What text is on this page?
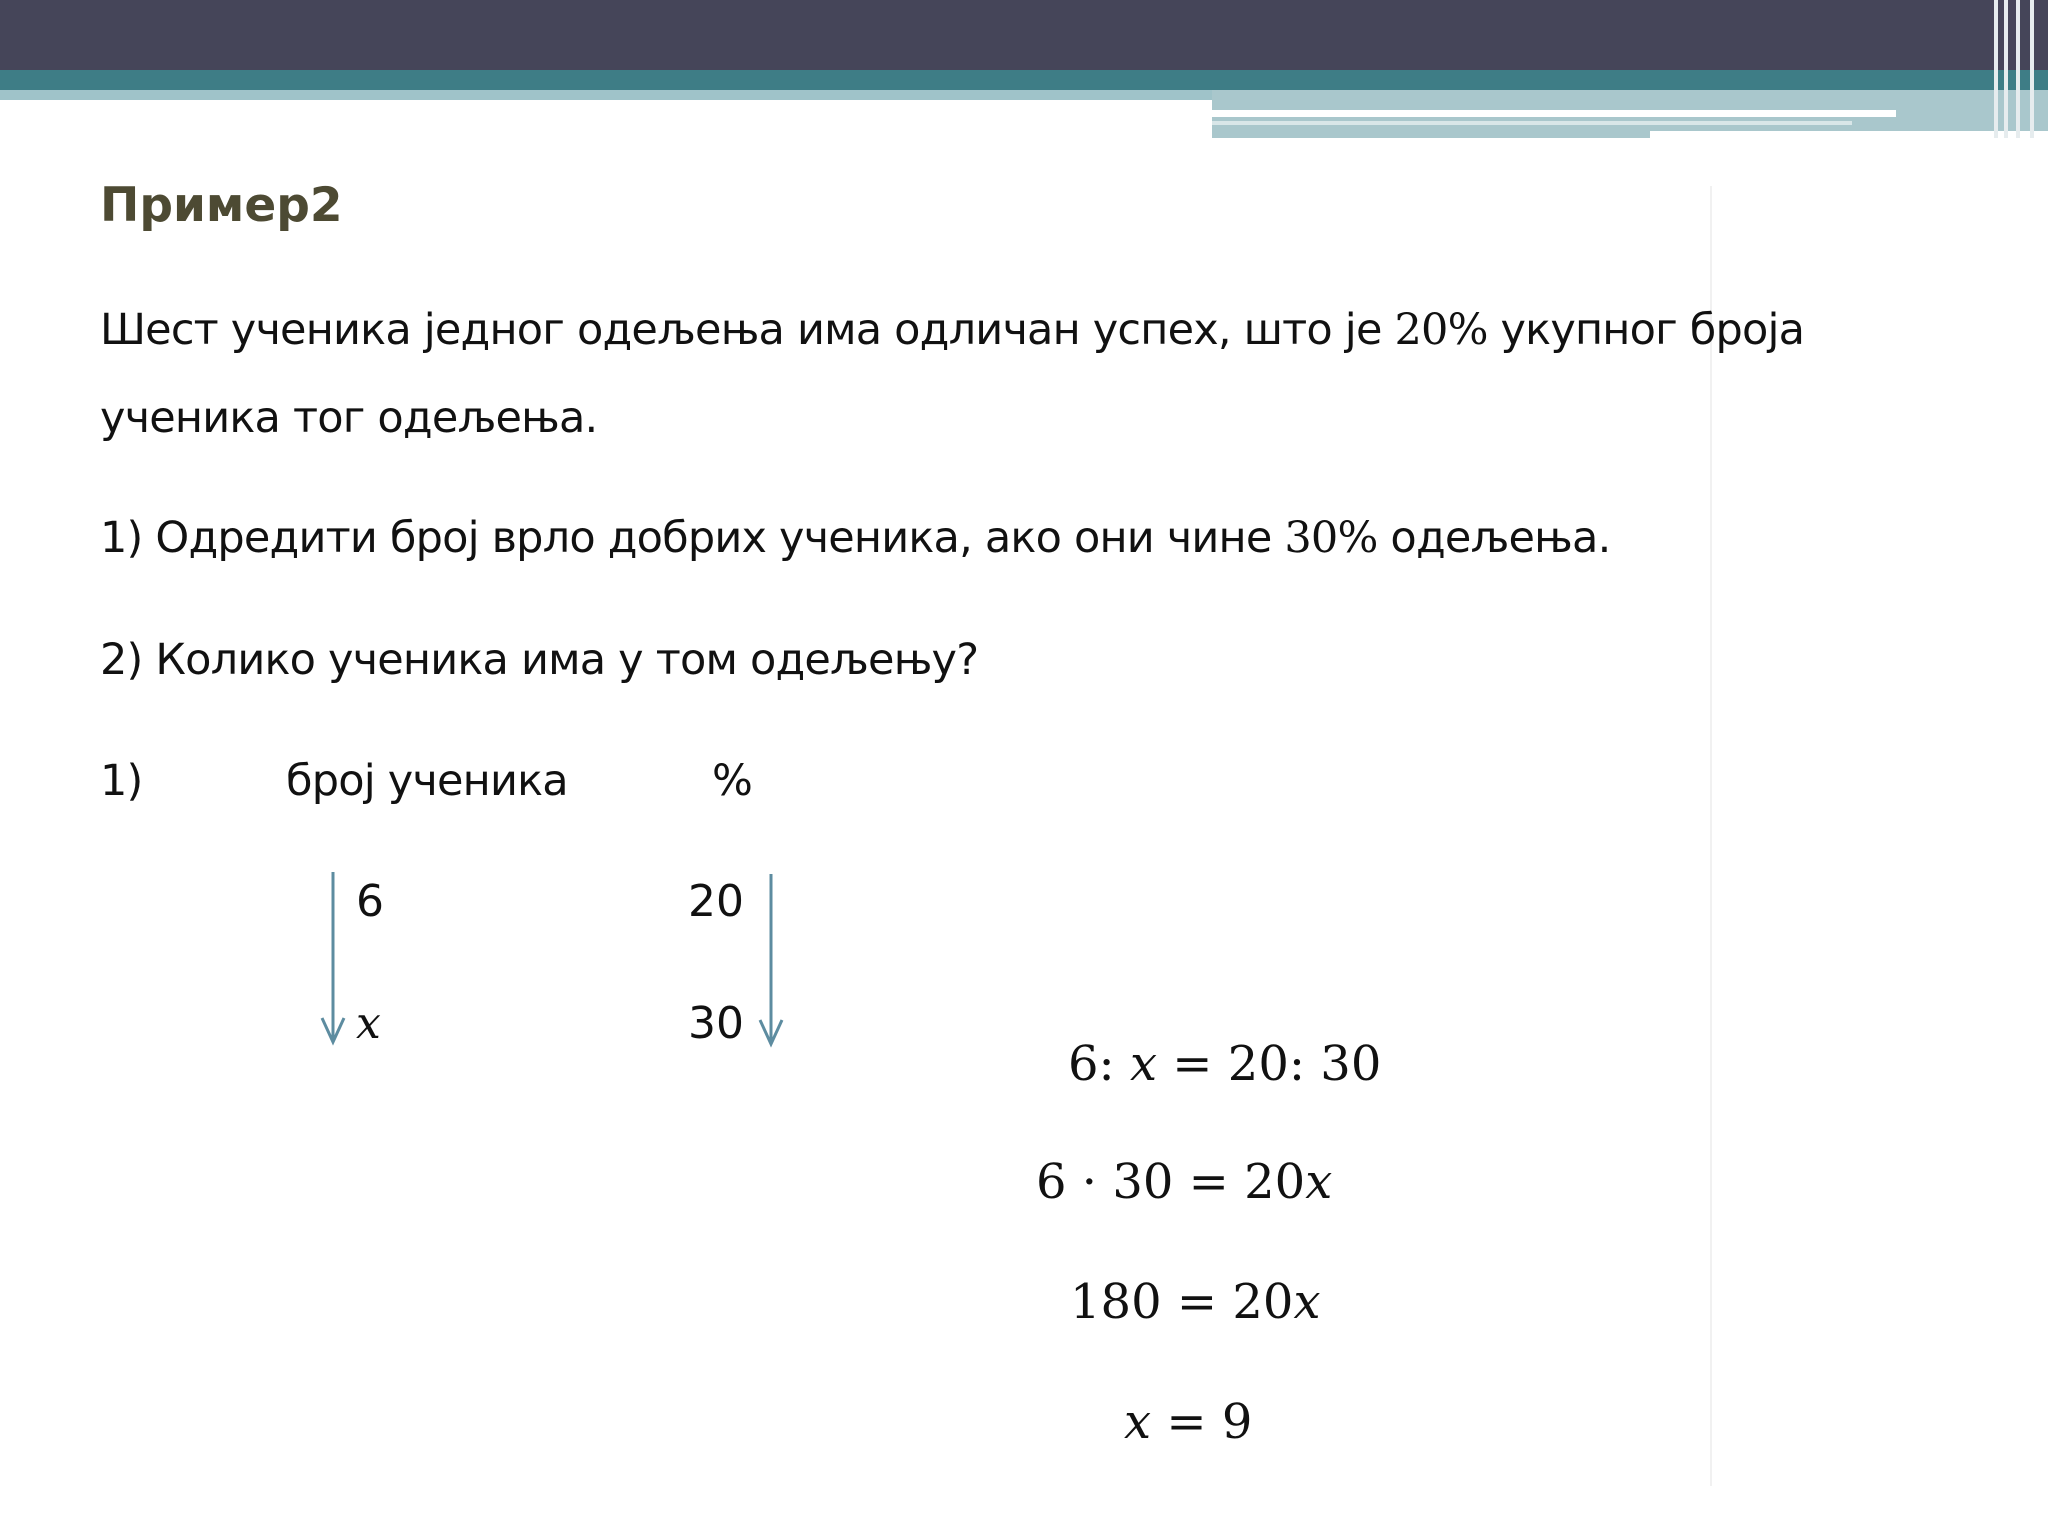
Пример2

Шест ученика једног одељења има одличан успех, што је 20% укупног броја

ученика тог одељења.

1) Одредити број врло добрих ученика, ако они чине 30% одељења.

2) Колико ученика има у том одељењу?

1)	број ученика	%
6	20
x	30
6: x = 20: 30
6 · 30 = 20x
180 = 20x
x = 9
